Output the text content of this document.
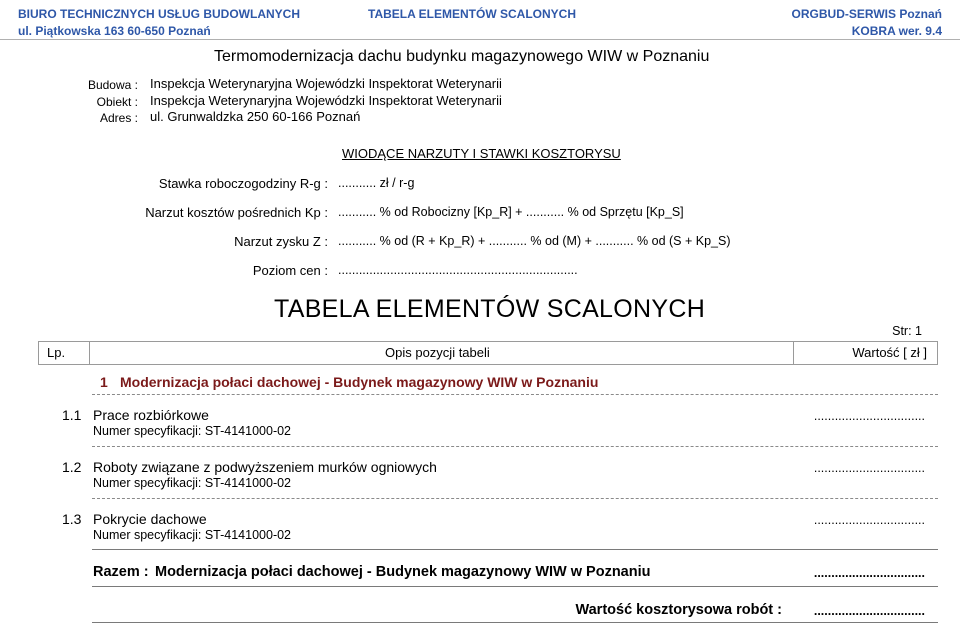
BIURO TECHNICZNYCH USŁUG BUDOWLANYCH
ul. Piątkowska 163 60-650 Poznań
TABELA ELEMENTÓW SCALONYCH	ORGBUD-SERWIS Poznań
KOBRA wer. 9.4
Termomodernizacja dachu budynku magazynowego WIW w Poznaniu
Budowa : Inspekcja Weterynaryjna Wojewódzki Inspektorat Weterynarii
Obiekt : Inspekcja Weterynaryjna Wojewódzki Inspektorat Weterynarii
Adres : ul. Grunwaldzka 250 60-166 Poznań
WIODĄCE NARZUTY I STAWKI KOSZTORYSU
Stawka roboczogodziny R-g : ........... zł / r-g
Narzut kosztów pośrednich Kp : ........... % od Robocizny [Kp_R] + ........... % od Sprzętu [Kp_S]
Narzut zysku Z : ........... % od (R + Kp_R) + ........... % od (M) + ........... % od (S + Kp_S)
Poziom cen : .....................................................................
TABELA ELEMENTÓW SCALONYCH
Str: 1
Lp.	Opis pozycji tabeli	Wartość [ zł ]
1 Modernizacja połaci dachowej - Budynek magazynowy WIW w Poznaniu
1.1 Prace rozbiórkowe
Numer specyfikacji: ST-4141000-02
................................
1.2 Roboty związane z podwyższeniem murków ogniowych
Numer specyfikacji: ST-4141000-02
................................
1.3 Pokrycie dachowe
Numer specyfikacji: ST-4141000-02
................................
Razem : Modernizacja połaci dachowej - Budynek magazynowy WIW w Poznaniu	................................
Wartość kosztorysowa robót :	................................
